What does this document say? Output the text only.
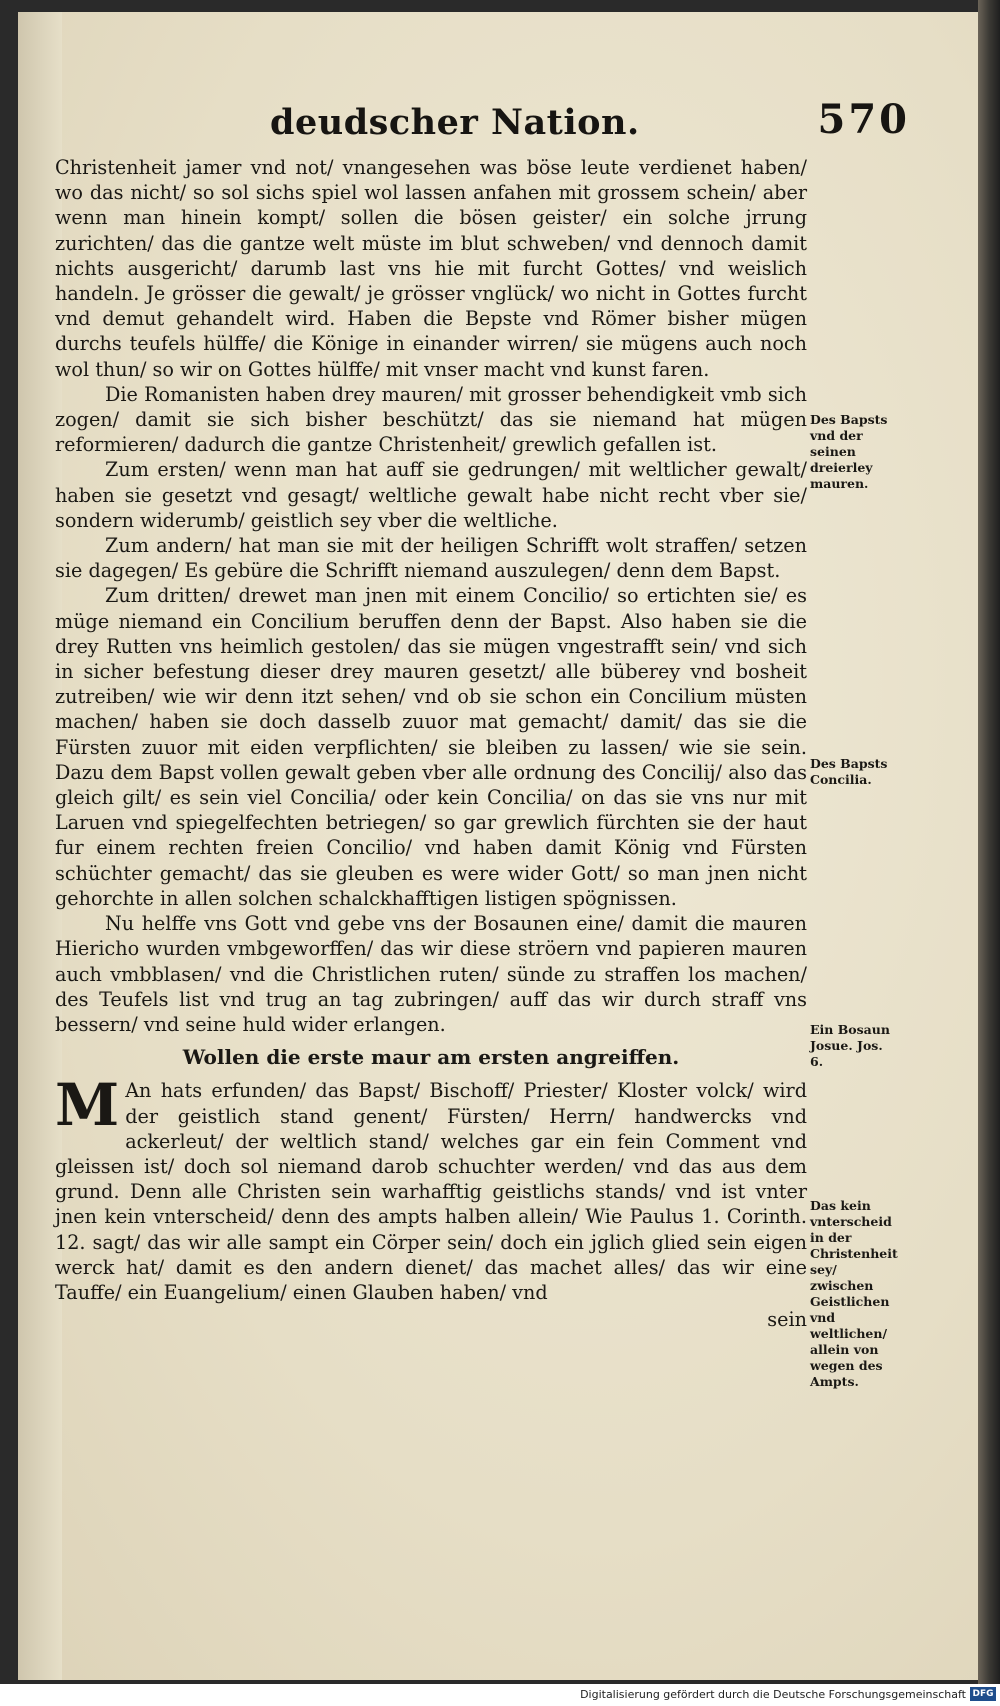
deudscher Nation.	570

Christenheit jamer vnd not/ vnangesehen was böse leute verdienet haben/ wo das nicht/ so sol sichs spiel wol lassen anfahen mit grossem schein/ aber wenn man hinein kompt/ sollen die bösen geister/ ein solche jrrung zurichten/ das die gantze welt müste im blut schweben/ vnd dennoch damit nichts ausgericht/ darumb last vns hie mit furcht Gottes/ vnd weislich handeln. Je grösser die gewalt/ je grösser vnglück/ wo nicht in Gottes furcht vnd demut gehandelt wird. Haben die Bepste vnd Römer bisher mügen durchs teufels hülffe/ die Könige in einander wirren/ sie mügens auch noch wol thun/ so wir on Gottes hülffe/ mit vnser macht vnd kunst faren.

Die Romanisten haben drey mauren/ mit grosser behendigkeit vmb sich zogen/ damit sie sich bisher beschützt/ das sie niemand hat mügen reformieren/ dadurch die gantze Christenheit/ grewlich gefallen ist.

Zum ersten/ wenn man hat auff sie gedrungen/ mit weltlicher gewalt/ haben sie gesetzt vnd gesagt/ weltliche gewalt habe nicht recht vber sie/ sondern widerumb/ geistlich sey vber die weltliche.

Zum andern/ hat man sie mit der heiligen Schrifft wolt straffen/ setzen sie dagegen/ Es gebüre die Schrifft niemand auszulegen/ denn dem Bapst.

Zum dritten/ drewet man jnen mit einem Concilio/ so ertichten sie/ es müge niemand ein Concilium beruffen denn der Bapst. Also haben sie die drey Rutten vns heimlich gestolen/ das sie mügen vngestrafft sein/ vnd sich in sicher befestung dieser drey mauren gesetzt/ alle büberey vnd bosheit zutreiben/ wie wir denn itzt sehen/ vnd ob sie schon ein Concilium müsten machen/ haben sie doch dasselb zuuor mat gemacht/ damit/ das sie die Fürsten zuuor mit eiden verpflichten/ sie bleiben zu lassen/ wie sie sein. Dazu dem Bapst vollen gewalt geben vber alle ordnung des Concilij/ also das gleich gilt/ es sein viel Concilia/ oder kein Concilia/ on das sie vns nur mit Laruen vnd spiegelfechten betriegen/ so gar grewlich fürchten sie der haut fur einem rechten freien Concilio/ vnd haben damit König vnd Fürsten schüchter gemacht/ das sie gleuben es were wider Gott/ so man jnen nicht gehorchte in allen solchen schalckhafftigen listigen spögnissen.

Nu helffe vns Gott vnd gebe vns der Bosaunen eine/ damit die mauren Hiericho wurden vmbgeworffen/ das wir diese ströern vnd papieren mauren auch vmbblasen/ vnd die Christlichen ruten/ sünde zu straffen los machen/ des Teufels list vnd trug an tag zubringen/ auff das wir durch straff vns bessern/ vnd seine huld wider erlangen.

Wollen die erste maur am ersten angreiffen.

M An hats erfunden/ das Bapst/ Bischoff/ Priester/ Kloster volck/ wird der geistlich stand genent/ Fürsten/ Herrn/ handwercks vnd ackerleut/ der weltlich stand/ welches gar ein fein Comment vnd gleissen ist/ doch sol niemand darob schuchter werden/ vnd das aus dem grund. Denn alle Christen sein warhafftig geistlichs stands/ vnd ist vnter jnen kein vnterscheid/ denn des ampts halben allein/ Wie Paulus 1. Corinth. 12. sagt/ das wir alle sampt ein Cörper sein/ doch ein jglich glied sein eigen werck hat/ damit es den andern dienet/ das machet alles/ das wir eine Tauffe/ ein Euangelium/ einen Glauben haben/ vnd

sein
Des Bapsts vnd der seinen dreierley mauren.
Des Bapsts Concilia.
Ein Bosaun Josue. Jos. 6.
Das kein vnterscheid in der Christenheit sey/ zwischen Geistlichen vnd weltlichen/ allein von wegen des Ampts.
Digitalisierung gefördert durch die Deutsche Forschungsgemeinschaft DFG
